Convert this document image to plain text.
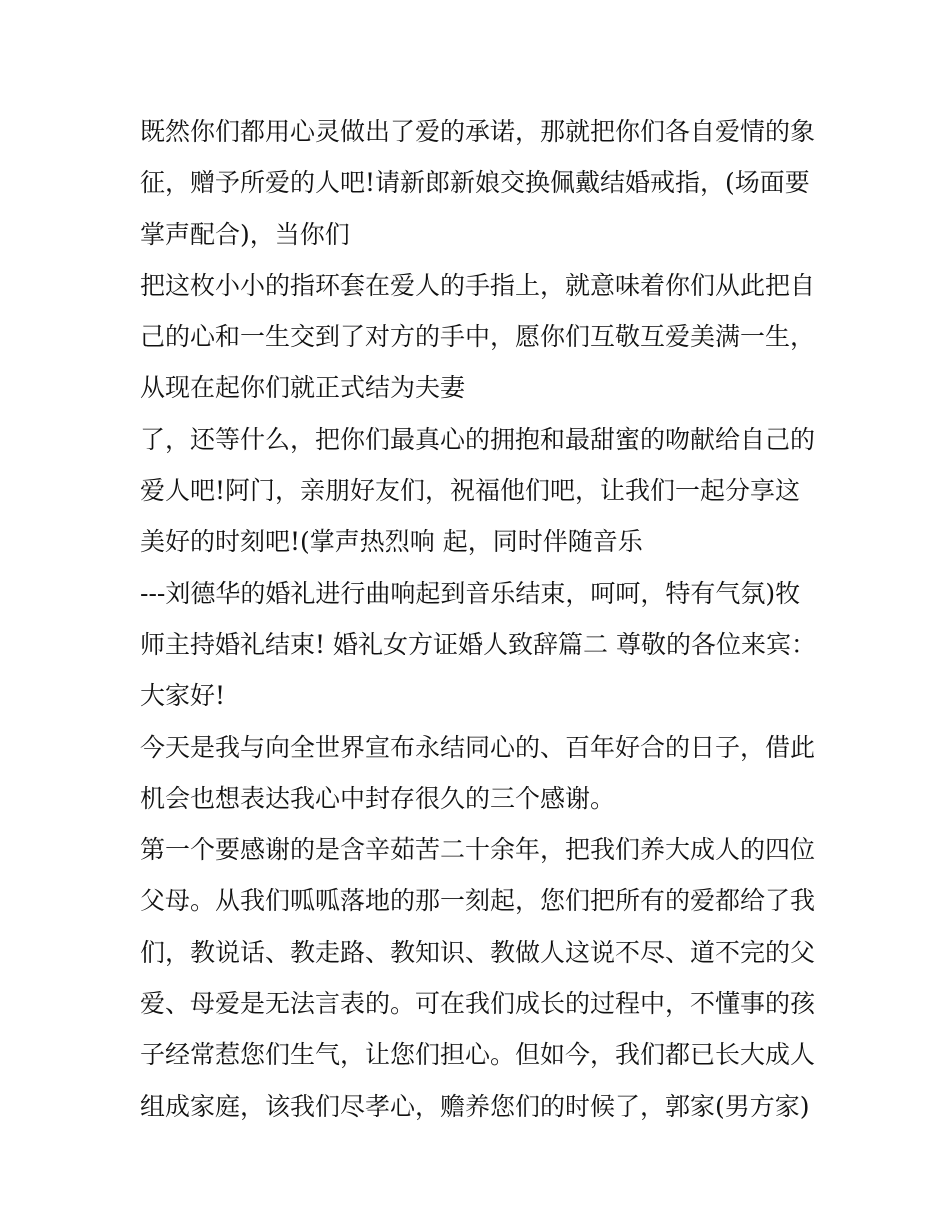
既然你们都用心灵做出了爱的承诺，那就把你们各自爱情的象
征，赠予所爱的人吧!请新郎新娘交换佩戴结婚戒指，(场面要
掌声配合)，当你们
把这枚小小的指环套在爱人的手指上，就意味着你们从此把自
己的心和一生交到了对方的手中，愿你们互敬互爱美满一生，
从现在起你们就正式结为夫妻
了，还等什么，把你们最真心的拥抱和最甜蜜的吻献给自己的
爱人吧!阿门，亲朋好友们，祝福他们吧，让我们一起分享这
美好的时刻吧!(掌声热烈响 起，同时伴随音乐
---刘德华的婚礼进行曲响起到音乐结束，呵呵，特有气氛)牧
师主持婚礼结束! 婚礼女方证婚人致辞篇二 尊敬的各位来宾：
大家好!
今天是我与向全世界宣布永结同心的、百年好合的日子，借此
机会也想表达我心中封存很久的三个感谢。
第一个要感谢的是含辛茹苦二十余年，把我们养大成人的四位
父母。从我们呱呱落地的那一刻起，您们把所有的爱都给了我
们，教说话、教走路、教知识、教做人这说不尽、道不完的父
爱、母爱是无法言表的。可在我们成长的过程中，不懂事的孩
子经常惹您们生气，让您们担心。但如今，我们都已长大成人
组成家庭，该我们尽孝心，赡养您们的时候了，郭家(男方家)
